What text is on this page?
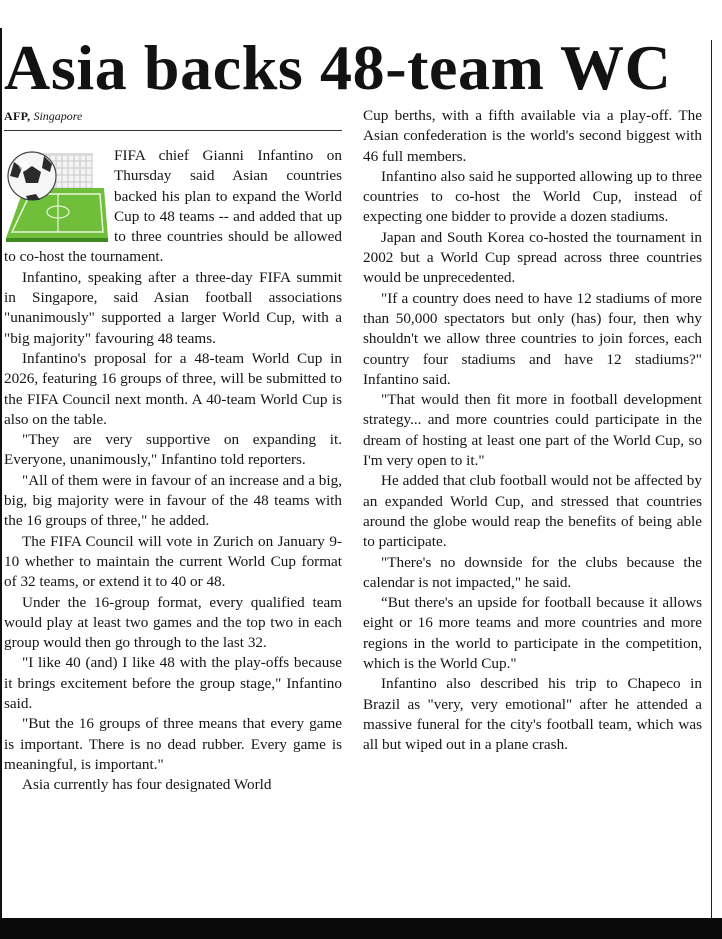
Asia backs 48-team WC
AFP, Singapore

FIFA chief Gianni Infantino on Thursday said Asian countries backed his plan to expand the World Cup to 48 teams -- and added that up to three countries should be allowed to co-host the tournament.

Infantino, speaking after a three-day FIFA summit in Singapore, said Asian football associations "unanimously" supported a larger World Cup, with a "big majority" favouring 48 teams.

Infantino's proposal for a 48-team World Cup in 2026, featuring 16 groups of three, will be submitted to the FIFA Council next month. A 40-team World Cup is also on the table.

"They are very supportive on expanding it. Everyone, unanimously," Infantino told reporters.

"All of them were in favour of an increase and a big, big, big majority were in favour of the 48 teams with the 16 groups of three," he added.

The FIFA Council will vote in Zurich on January 9-10 whether to maintain the current World Cup format of 32 teams, or extend it to 40 or 48.

Under the 16-group format, every qualified team would play at least two games and the top two in each group would then go through to the last 32.

"I like 40 (and) I like 48 with the play-offs because it brings excitement before the group stage," Infantino said.

"But the 16 groups of three means that every game is important. There is no dead rubber. Every game is meaningful, is important."

Asia currently has four designated World

Cup berths, with a fifth available via a play-off. The Asian confederation is the world's second biggest with 46 full members.

Infantino also said he supported allowing up to three countries to co-host the World Cup, instead of expecting one bidder to provide a dozen stadiums.

Japan and South Korea co-hosted the tournament in 2002 but a World Cup spread across three countries would be unprecedented.

"If a country does need to have 12 stadiums of more than 50,000 spectators but only (has) four, then why shouldn't we allow three countries to join forces, each country four stadiums and have 12 stadiums?" Infantino said.

"That would then fit more in football development strategy... and more countries could participate in the dream of hosting at least one part of the World Cup, so I'm very open to it."

He added that club football would not be affected by an expanded World Cup, and stressed that countries around the globe would reap the benefits of being able to participate.

"There's no downside for the clubs because the calendar is not impacted," he said.

“But there's an upside for football because it allows eight or 16 more teams and more countries and more regions in the world to participate in the competition, which is the World Cup."

Infantino also described his trip to Chapeco in Brazil as "very, very emotional" after he attended a massive funeral for the city's football team, which was all but wiped out in a plane crash.
